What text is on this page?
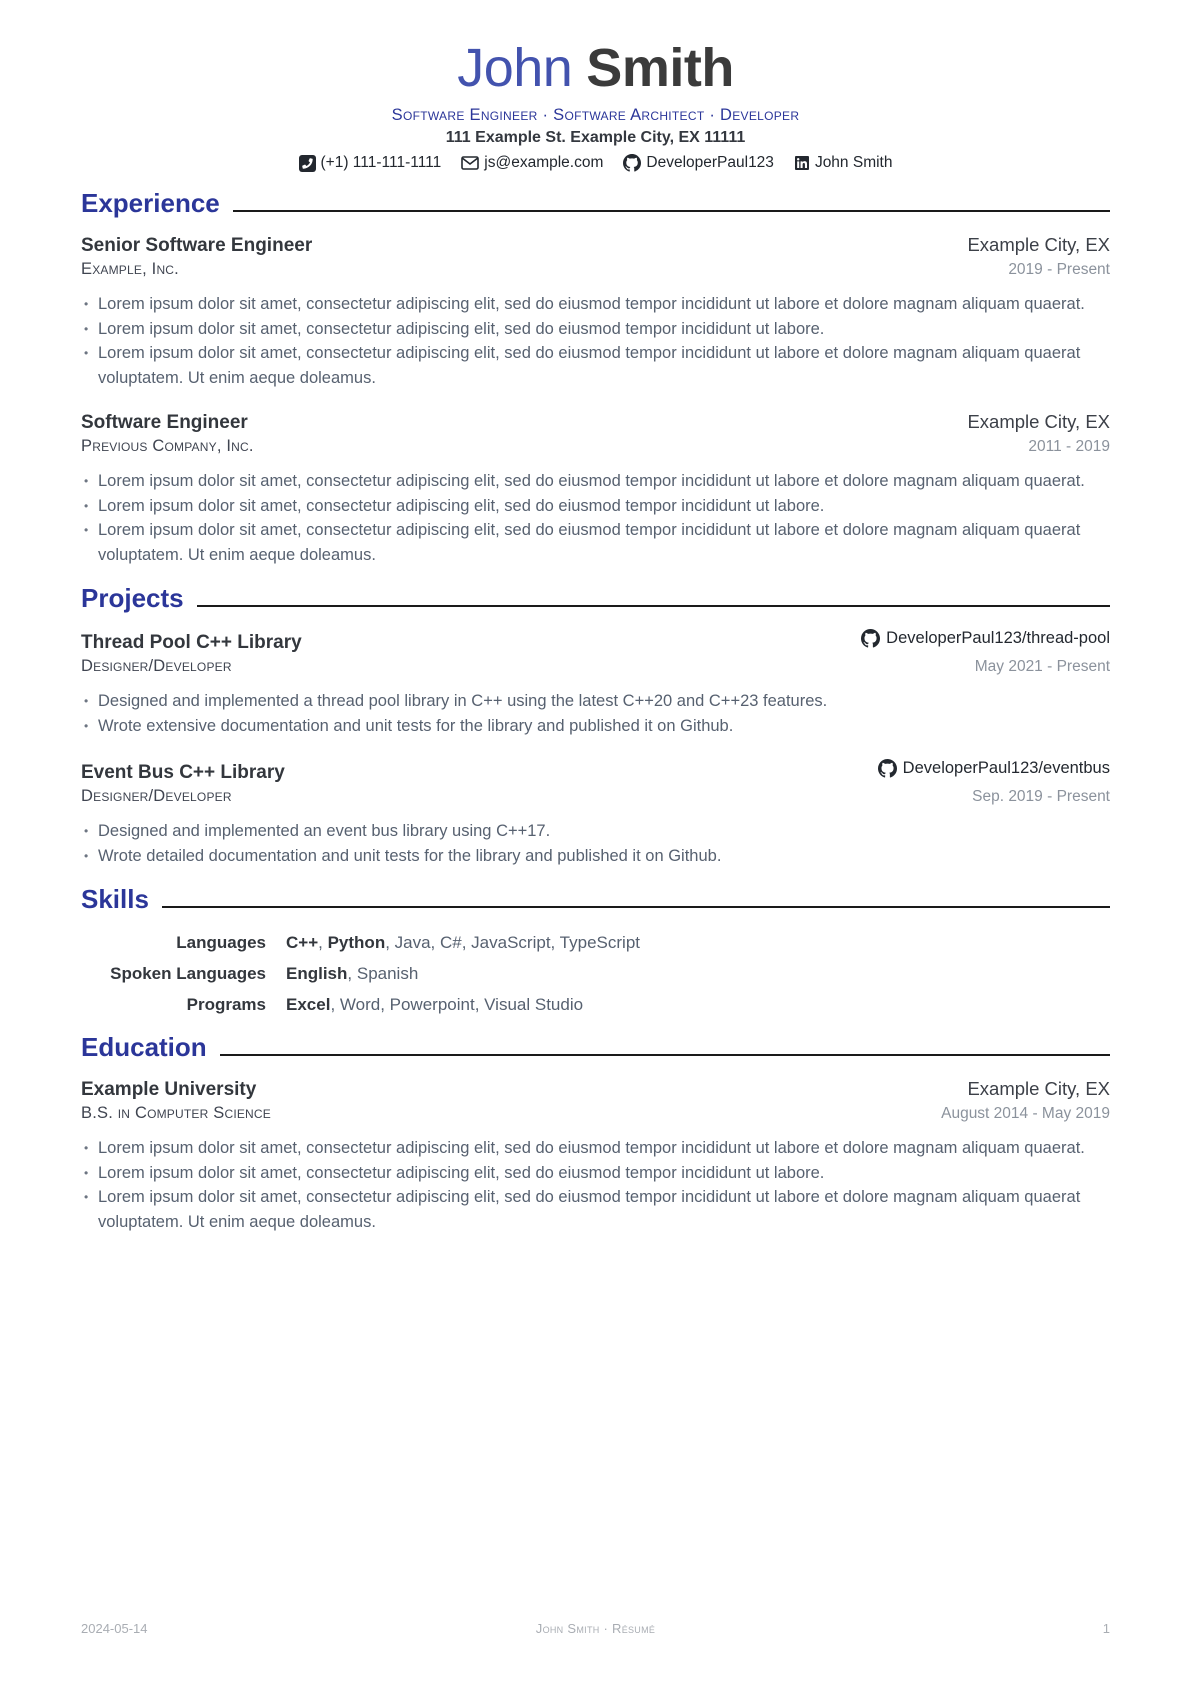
John Smith
Software Engineer · Software Architect · Developer
111 Example St. Example City, EX 11111
(+1) 111-111-1111	js@example.com	DeveloperPaul123	John Smith
Experience
Senior Software Engineer	Example City, EX
Example, Inc.	2019 - Present
• Lorem ipsum dolor sit amet, consectetur adipiscing elit, sed do eiusmod tempor incididunt ut labore et dolore magnam aliquam quaerat.
• Lorem ipsum dolor sit amet, consectetur adipiscing elit, sed do eiusmod tempor incididunt ut labore.
• Lorem ipsum dolor sit amet, consectetur adipiscing elit, sed do eiusmod tempor incididunt ut labore et dolore magnam aliquam quaerat voluptatem. Ut enim aeque doleamus.
Software Engineer	Example City, EX
Previous Company, Inc.	2011 - 2019
• Lorem ipsum dolor sit amet, consectetur adipiscing elit, sed do eiusmod tempor incididunt ut labore et dolore magnam aliquam quaerat.
• Lorem ipsum dolor sit amet, consectetur adipiscing elit, sed do eiusmod tempor incididunt ut labore.
• Lorem ipsum dolor sit amet, consectetur adipiscing elit, sed do eiusmod tempor incididunt ut labore et dolore magnam aliquam quaerat voluptatem. Ut enim aeque doleamus.
Projects
Thread Pool C++ Library	DeveloperPaul123/thread-pool
Designer/Developer	May 2021 - Present
• Designed and implemented a thread pool library in C++ using the latest C++20 and C++23 features.
• Wrote extensive documentation and unit tests for the library and published it on Github.
Event Bus C++ Library	DeveloperPaul123/eventbus
Designer/Developer	Sep. 2019 - Present
• Designed and implemented an event bus library using C++17.
• Wrote detailed documentation and unit tests for the library and published it on Github.
Skills
Languages C++, Python, Java, C#, JavaScript, TypeScript
Spoken Languages English, Spanish
Programs Excel, Word, Powerpoint, Visual Studio
Education
Example University	Example City, EX
B.S. in Computer Science	August 2014 - May 2019
• Lorem ipsum dolor sit amet, consectetur adipiscing elit, sed do eiusmod tempor incididunt ut labore et dolore magnam aliquam quaerat.
• Lorem ipsum dolor sit amet, consectetur adipiscing elit, sed do eiusmod tempor incididunt ut labore.
• Lorem ipsum dolor sit amet, consectetur adipiscing elit, sed do eiusmod tempor incididunt ut labore et dolore magnam aliquam quaerat voluptatem. Ut enim aeque doleamus.
John Smith · Résumé
2024-05-14	1
